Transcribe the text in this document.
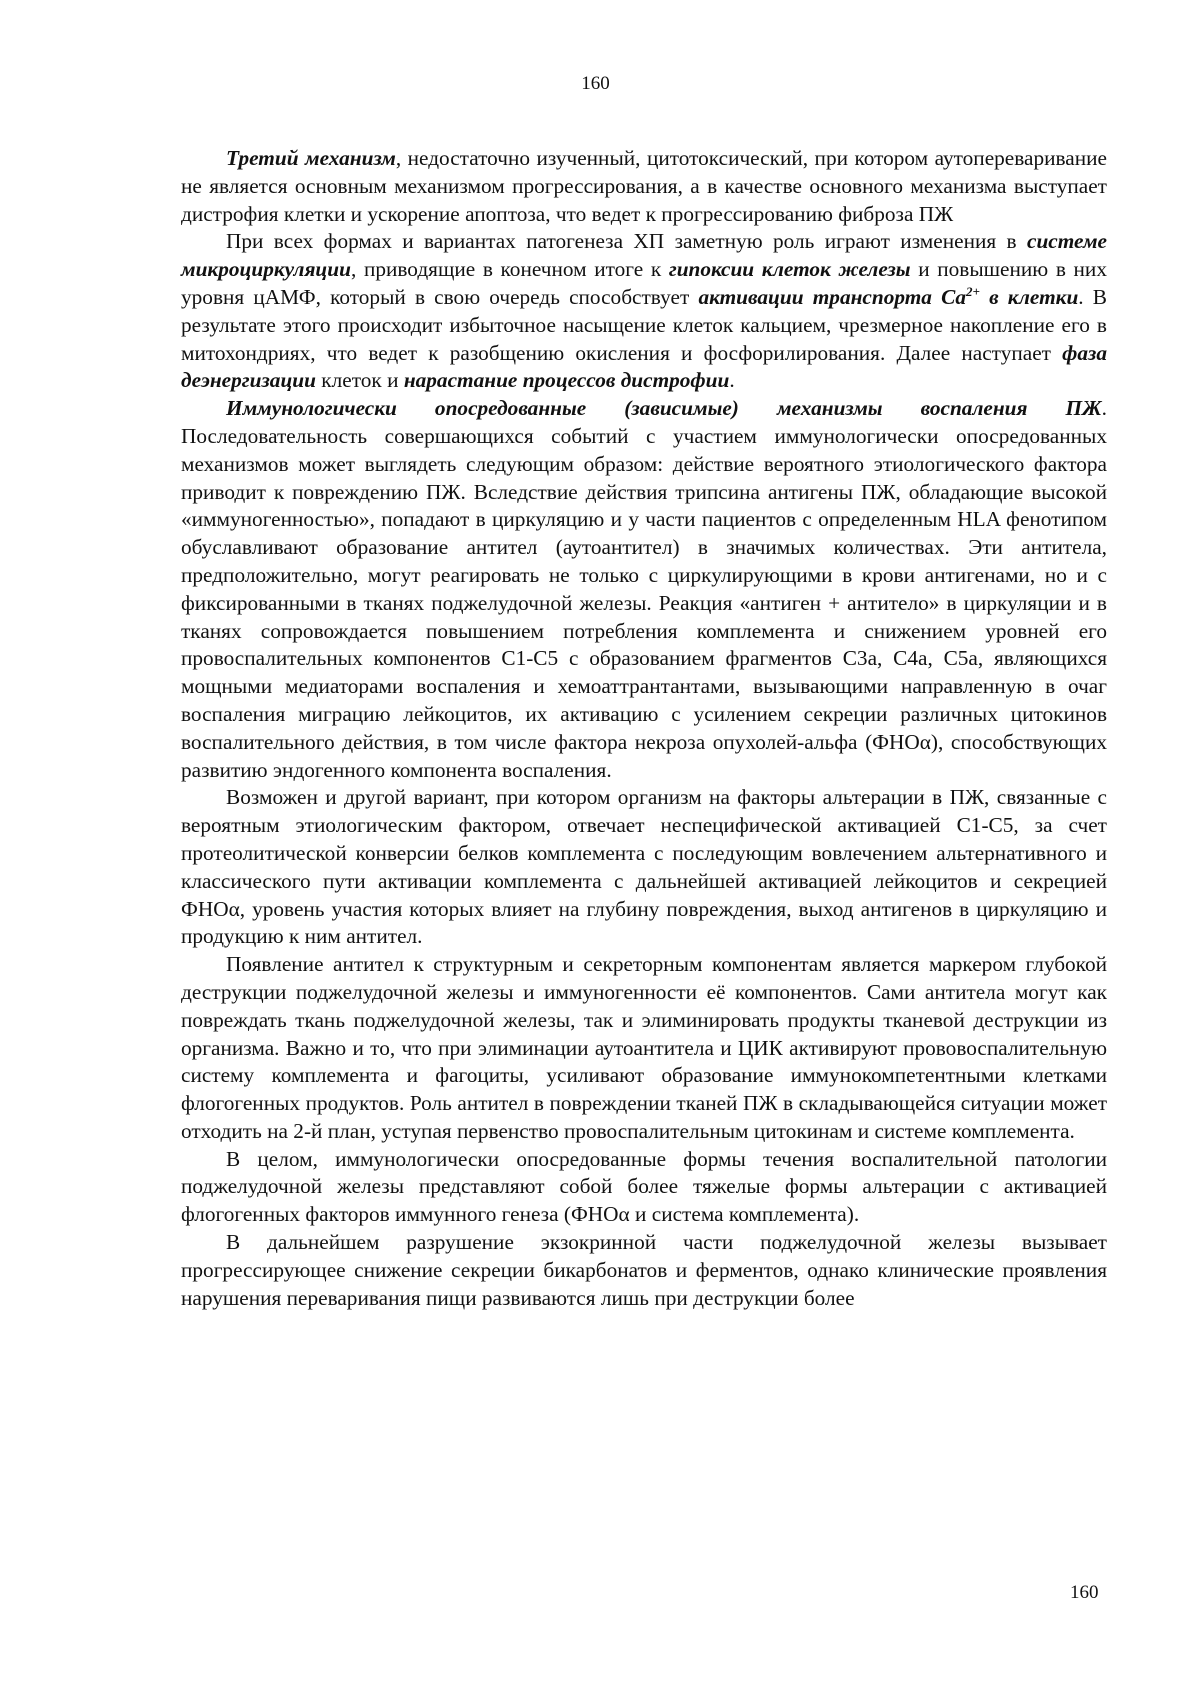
160

Третий механизм, недостаточно изученный, цитотоксический, при котором аутопереваривание не является основным механизмом прогрессирования, а в качестве основного механизма выступает дистрофия клетки и ускорение апоптоза, что ведет к прогрессированию фиброза ПЖ

При всех формах и вариантах патогенеза ХП заметную роль играют изменения в системе микроциркуляции, приводящие в конечном итоге к гипоксии клеток железы и повышению в них уровня цАМФ, который в свою очередь способствует активации транспорта $Ca^{2+}$ в клетки. В результате этого происходит избыточное насыщение клеток кальцием, чрезмерное накопление его в митохондриях, что ведет к разобщению окисления и фосфорилирования. Далее наступает фаза деэнергизации клеток и нарастание процессов дистрофии.

Иммунологически опосредованные (зависимые) механизмы воспаления ПЖ. Последовательность совершающихся событий с участием иммунологически опосредованных механизмов может выглядеть следующим образом: действие вероятного этиологического фактора приводит к повреждению ПЖ. Вследствие действия трипсина антигены ПЖ, обладающие высокой «иммуногенностью», попадают в циркуляцию и у части пациентов с определенным HLA фенотипом обуславливают образование антител (аутоантител) в значимых количествах. Эти антитела, предположительно, могут реагировать не только с циркулирующими в крови антигенами, но и с фиксированными в тканях поджелудочной железы. Реакция «антиген + антитело» в циркуляции и в тканях сопровождается повышением потребления комплемента и снижением уровней его провоспалительных компонентов С1-С5 с образованием фрагментов С3а, С4а, С5а, являющихся мощными медиаторами воспаления и хемоаттрантантами, вызывающими направленную в очаг воспаления миграцию лейкоцитов, их активацию с усилением секреции различных цитокинов воспалительного действия, в том числе фактора некроза опухолей-альфа (ФНОα), способствующих развитию эндогенного компонента воспаления.

Возможен и другой вариант, при котором организм на факторы альтерации в ПЖ, связанные с вероятным этиологическим фактором, отвечает неспецифической активацией С1-С5, за счет протеолитической конверсии белков комплемента с последующим вовлечением альтернативного и классического пути активации комплемента с дальнейшей активацией лейкоцитов и секрецией ФНОα, уровень участия которых влияет на глубину повреждения, выход антигенов в циркуляцию и продукцию к ним антител.

Появление антител к структурным и секреторным компонентам является маркером глубокой деструкции поджелудочной железы и иммуногенности её компонентов. Сами антитела могут как повреждать ткань поджелудочной железы, так и элиминировать продукты тканевой деструкции из организма. Важно и то, что при элиминации аутоантитела и ЦИК активируют прововоспалительную систему комплемента и фагоциты, усиливают образование иммунокомпетентными клетками флогогенных продуктов. Роль антител в повреждении тканей ПЖ в складывающейся ситуации может отходить на 2-й план, уступая первенство провоспалительным цитокинам и системе комплемента.

В целом, иммунологически опосредованные формы течения воспалительной патологии поджелудочной железы представляют собой более тяжелые формы альтерации с активацией флогогенных факторов иммунного генеза (ФНОα и система комплемента).

В дальнейшем разрушение экзокринной части поджелудочной железы вызывает прогрессирующее снижение секреции бикарбонатов и ферментов, однако клинические проявления нарушения переваривания пищи развиваются лишь при деструкции более

160
